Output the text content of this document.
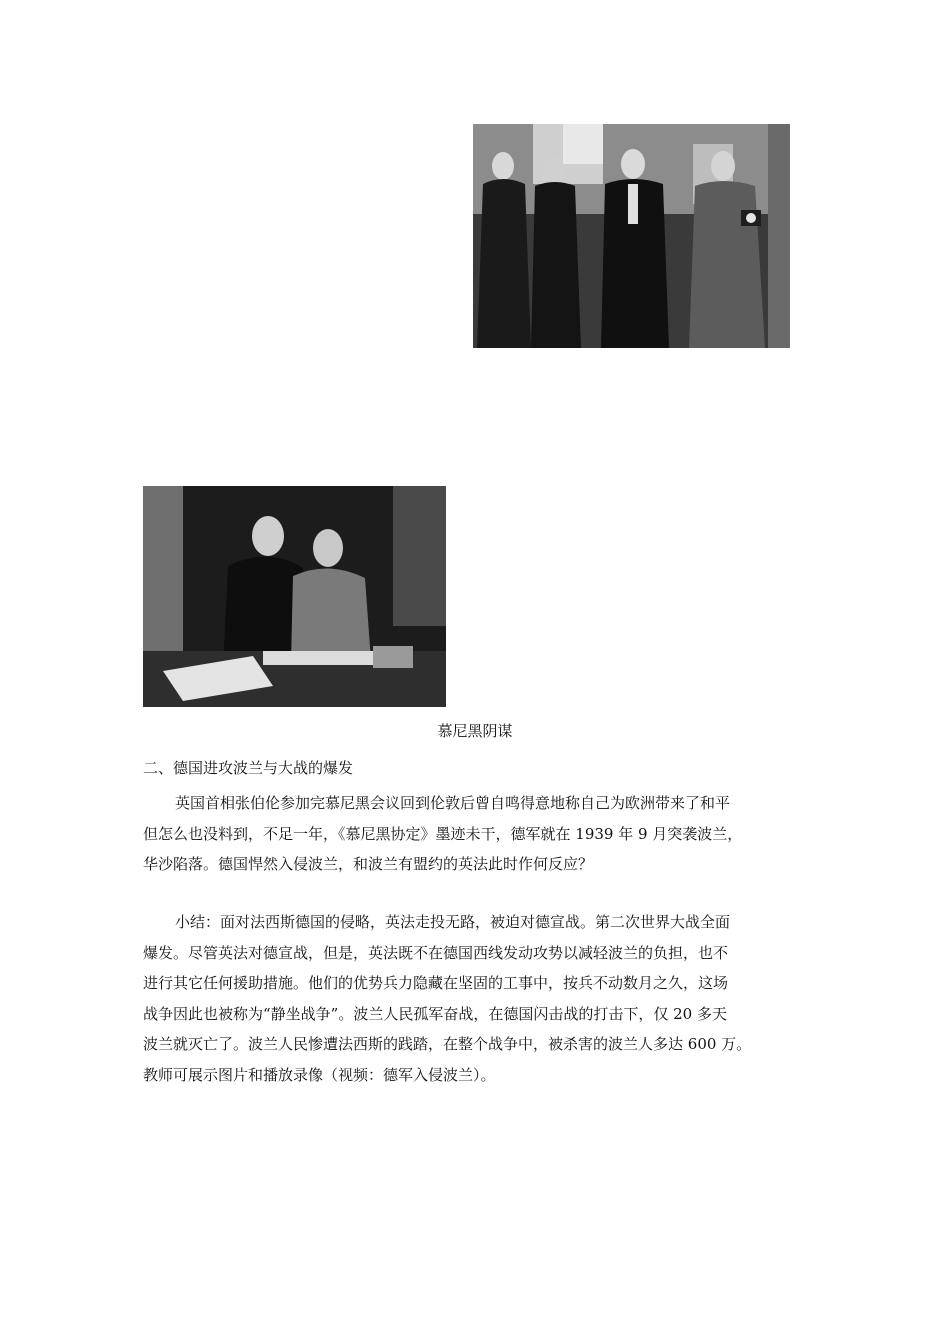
慕尼黑阴谋
二、德国进攻波兰与大战的爆发
英国首相张伯伦参加完慕尼黑会议回到伦敦后曾自鸣得意地称自己为欧洲带来了和平
但怎么也没料到，不足一年，《慕尼黑协定》墨迹未干，德军就在 1939 年 9 月突袭波兰，
华沙陷落。德国悍然入侵波兰，和波兰有盟约的英法此时作何反应？
小结：面对法西斯德国的侵略，英法走投无路，被迫对德宣战。第二次世界大战全面
爆发。尽管英法对德宣战，但是，英法既不在德国西线发动攻势以减轻波兰的负担，也不
进行其它任何援助措施。他们的优势兵力隐藏在坚固的工事中，按兵不动数月之久，这场
战争因此也被称为“静坐战争”。波兰人民孤军奋战，在德国闪击战的打击下，仅 20 多天
波兰就灭亡了。波兰人民惨遭法西斯的践踏，在整个战争中，被杀害的波兰人多达 600 万。
教师可展示图片和播放录像（视频：德军入侵波兰）。
